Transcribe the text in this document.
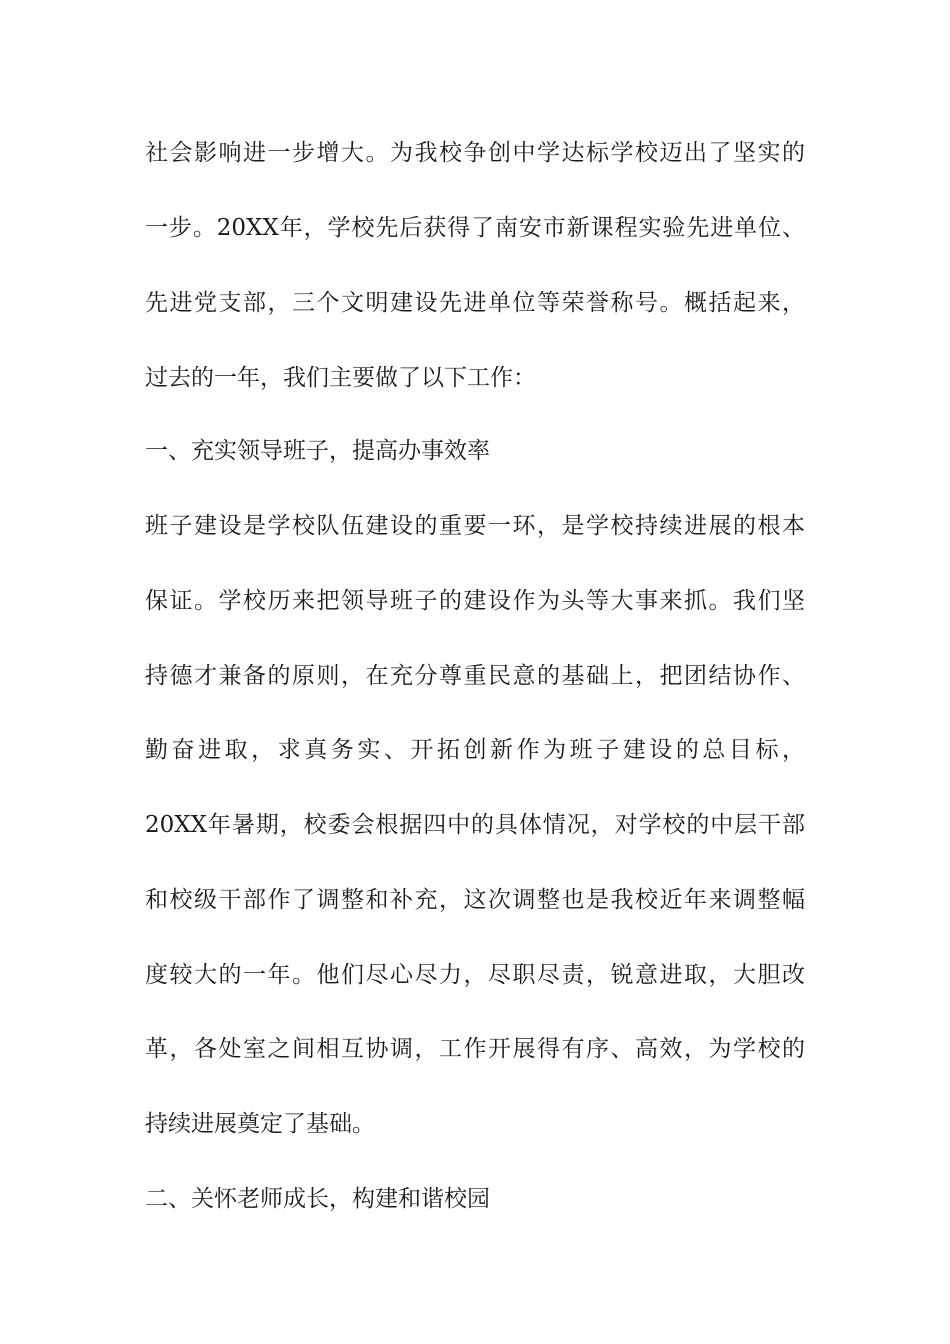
社会影响进一步增大。为我校争创中学达标学校迈出了坚实的
一步。20XX年，学校先后获得了南安市新课程实验先进单位、
先进党支部，三个文明建设先进单位等荣誉称号。概括起来，
过去的一年，我们主要做了以下工作：
一、充实领导班子，提高办事效率
班子建设是学校队伍建设的重要一环，是学校持续进展的根本
保证。学校历来把领导班子的建设作为头等大事来抓。我们坚
持德才兼备的原则，在充分尊重民意的基础上，把团结协作、
勤奋进取，求真务实、开拓创新作为班子建设的总目标，
20XX年暑期，校委会根据四中的具体情况，对学校的中层干部
和校级干部作了调整和补充，这次调整也是我校近年来调整幅
度较大的一年。他们尽心尽力，尽职尽责，锐意进取，大胆改
革，各处室之间相互协调，工作开展得有序、高效，为学校的
持续进展奠定了基础。
二、关怀老师成长，构建和谐校园
